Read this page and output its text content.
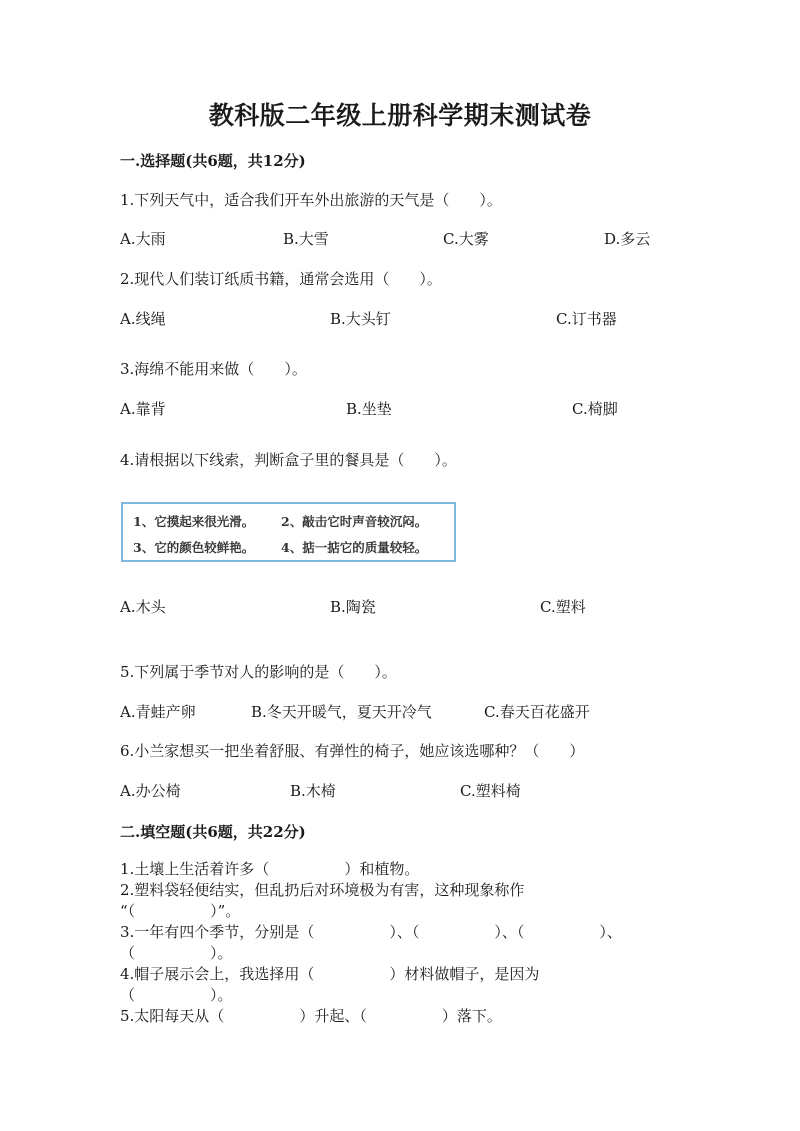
教科版二年级上册科学期末测试卷
一.选择题(共6题，共12分)
1.下列天气中，适合我们开车外出旅游的天气是（　　）。
A.大雨	B.大雪	C.大雾	D.多云
2.现代人们装订纸质书籍，通常会选用（　　）。
A.线绳	B.大头钉	C.订书器
3.海绵不能用来做（　　）。
A.靠背	B.坐垫	C.椅脚
4.请根据以下线索，判断盒子里的餐具是（　　）。
1、它摸起来很光滑。 2、敲击它时声音较沉闷。
3、它的颜色较鲜艳。 4、掂一掂它的质量较轻。
A.木头	B.陶瓷	C.塑料
5.下列属于季节对人的影响的是（　　）。
A.青蛙产卵	B.冬天开暖气，夏天开冷气	C.春天百花盛开
6.小兰家想买一把坐着舒服、有弹性的椅子，她应该选哪种？（　　）
A.办公椅	B.木椅	C.塑料椅
二.填空题(共6题，共22分)
1.土壤上生活着许多（　　　　　）和植物。
2.塑料袋轻便结实，但乱扔后对环境极为有害，这种现象称作
“（　　　　　）”。
3.一年有四个季节，分别是（　　　　　）、（　　　　　）、（　　　　　）、
（　　　　　）。
4.帽子展示会上，我选择用（　　　　　）材料做帽子，是因为
（　　　　　）。
5.太阳每天从（　　　　　）升起、（　　　　　）落下。
